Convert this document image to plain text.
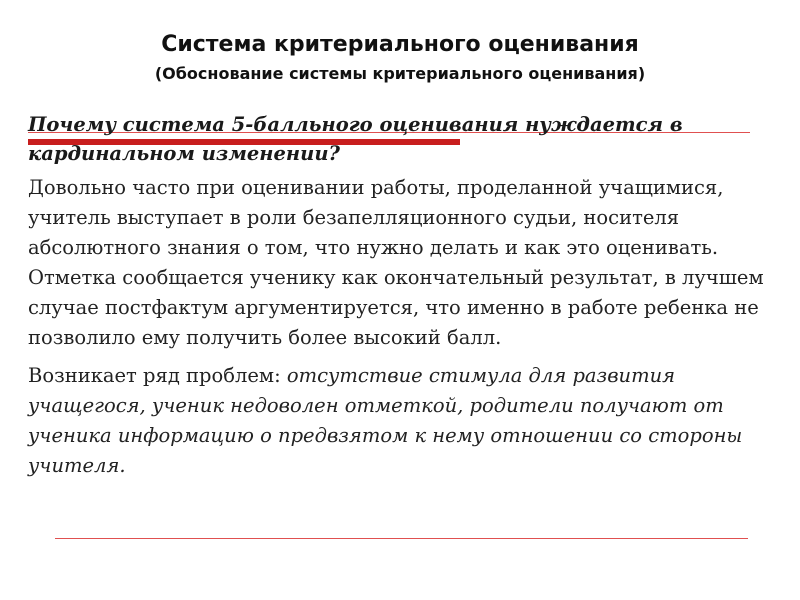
Система критериального оценивания
(Обоснование системы критериального оценивания)

Почему система 5-балльного оценивания нуждается в кардинальном изменении?

Довольно часто при оценивании работы, проделанной учащимися, учитель выступает в роли безапелляционного судьи, носителя абсолютного знания о том, что нужно делать и как это оценивать. Отметка сообщается ученику как окончательный результат, в лучшем случае постфактум аргументируется, что именно в работе ребенка не позволило ему получить более высокий балл.

Возникает ряд проблем: отсутствие стимула для развития учащегося, ученик недоволен отметкой, родители получают от ученика информацию о предвзятом к нему отношении со стороны учителя.
